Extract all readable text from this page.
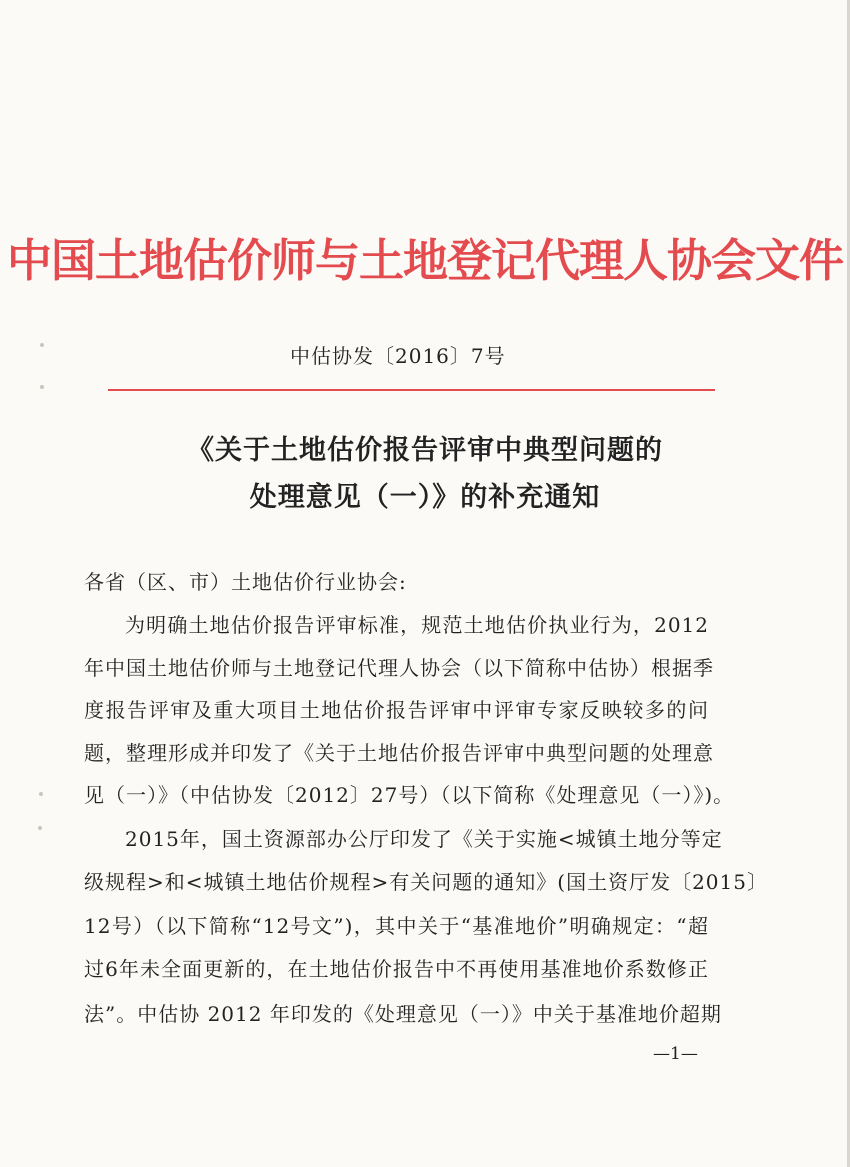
中国土地估价师与土地登记代理人协会文件
中估协发〔2016〕7号
《关于土地估价报告评审中典型问题的
处理意见（一）》的补充通知
各省（区、市）土地估价行业协会:
为明确土地估价报告评审标准，规范土地估价执业行为，2012
年中国土地估价师与土地登记代理人协会（以下简称中估协）根据季
度报告评审及重大项目土地估价报告评审中评审专家反映较多的问
题，整理形成并印发了《关于土地估价报告评审中典型问题的处理意
见（一）》（中估协发〔2012〕27号）（以下简称《处理意见（一）》)。
2015年，国土资源部办公厅印发了《关于实施<城镇土地分等定
级规程>和<城镇土地估价规程>有关问题的通知》(国土资厅发〔2015〕
12号）（以下简称“12号文”)，其中关于“基准地价”明确规定：“超
过6年未全面更新的，在土地估价报告中不再使用基准地价系数修正
法”。中估协 2012 年印发的《处理意见（一）》中关于基准地价超期
—1—
